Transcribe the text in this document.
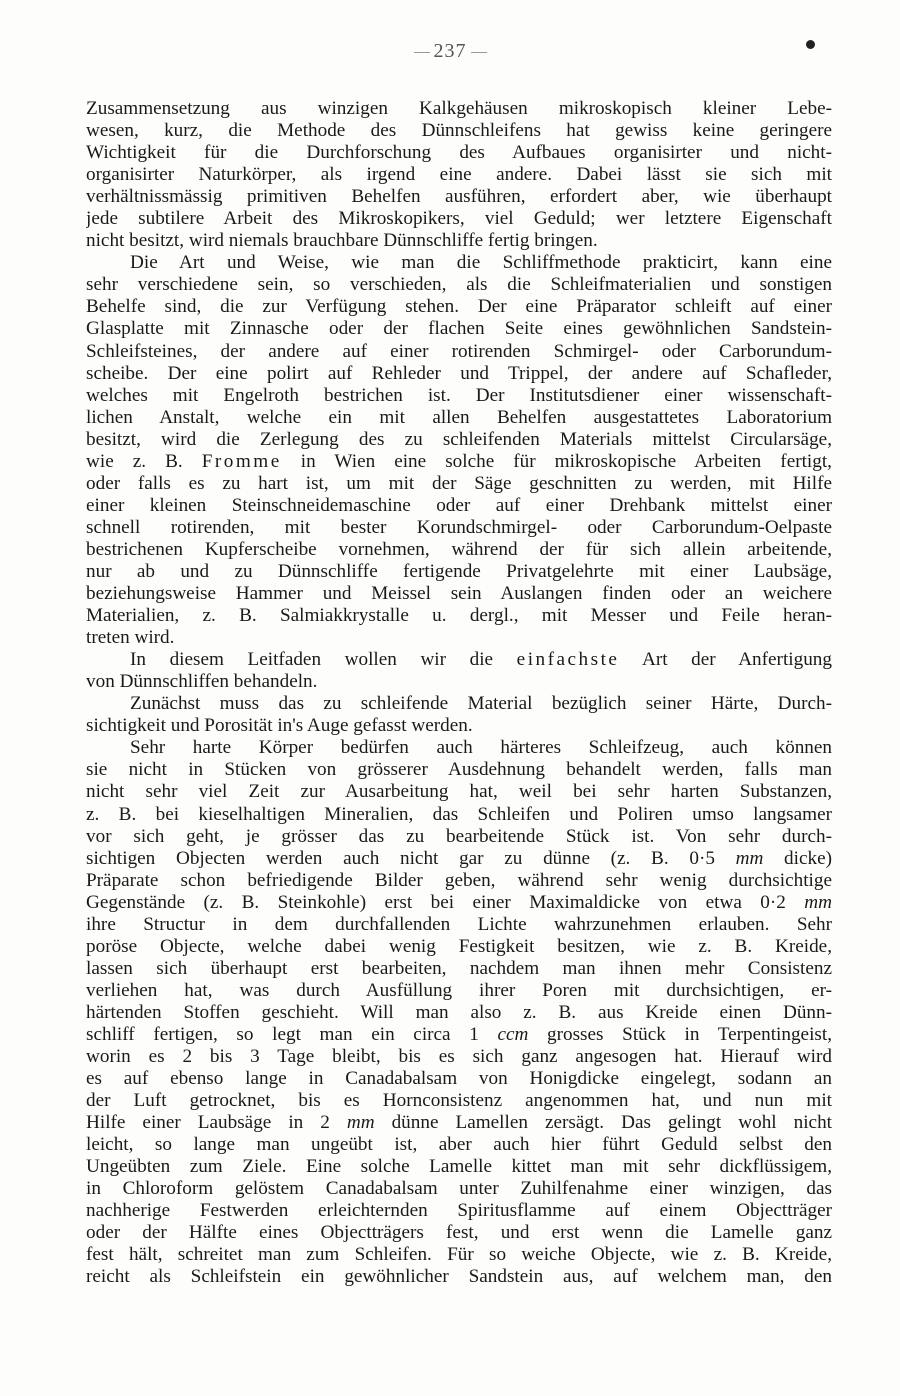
237
Zusammensetzung aus winzigen Kalkgehäusen mikroskopisch kleiner Lebe-
wesen, kurz, die Methode des Dünnschleifens hat gewiss keine geringere
Wichtigkeit für die Durchforschung des Aufbaues organisirter und nicht-
organisirter Naturkörper, als irgend eine andere. Dabei lässt sie sich mit
verhältnissmässig primitiven Behelfen ausführen, erfordert aber, wie überhaupt
jede subtilere Arbeit des Mikroskopikers, viel Geduld; wer letztere Eigenschaft
nicht besitzt, wird niemals brauchbare Dünnschliffe fertig bringen.
Die Art und Weise, wie man die Schliffmethode prakticirt, kann eine
sehr verschiedene sein, so verschieden, als die Schleifmaterialien und sonstigen
Behelfe sind, die zur Verfügung stehen. Der eine Präparator schleift auf einer
Glasplatte mit Zinnasche oder der flachen Seite eines gewöhnlichen Sandstein-
Schleifsteines, der andere auf einer rotirenden Schmirgel- oder Carborundum-
scheibe. Der eine polirt auf Rehleder und Trippel, der andere auf Schafleder,
welches mit Engelroth bestrichen ist. Der Institutsdiener einer wissenschaft-
lichen Anstalt, welche ein mit allen Behelfen ausgestattetes Laboratorium
besitzt, wird die Zerlegung des zu schleifenden Materials mittelst Circularsäge,
wie z. B. Fromme in Wien eine solche für mikroskopische Arbeiten fertigt,
oder falls es zu hart ist, um mit der Säge geschnitten zu werden, mit Hilfe
einer kleinen Steinschneidemaschine oder auf einer Drehbank mittelst einer
schnell rotirenden, mit bester Korundschmirgel- oder Carborundum-Oelpaste
bestrichenen Kupferscheibe vornehmen, während der für sich allein arbeitende,
nur ab und zu Dünnschliffe fertigende Privatgelehrte mit einer Laubsäge,
beziehungsweise Hammer und Meissel sein Auslangen finden oder an weichere
Materialien, z. B. Salmiakkrystalle u. dergl., mit Messer und Feile heran-
treten wird.
In diesem Leitfaden wollen wir die einfachste Art der Anfertigung
von Dünnschliffen behandeln.
Zunächst muss das zu schleifende Material bezüglich seiner Härte, Durch-
sichtigkeit und Porosität in's Auge gefasst werden.
Sehr harte Körper bedürfen auch härteres Schleifzeug, auch können
sie nicht in Stücken von grösserer Ausdehnung behandelt werden, falls man
nicht sehr viel Zeit zur Ausarbeitung hat, weil bei sehr harten Substanzen,
z. B. bei kieselhaltigen Mineralien, das Schleifen und Poliren umso langsamer
vor sich geht, je grösser das zu bearbeitende Stück ist. Von sehr durch-
sichtigen Objecten werden auch nicht gar zu dünne (z. B. 0·5 mm dicke)
Präparate schon befriedigende Bilder geben, während sehr wenig durchsichtige
Gegenstände (z. B. Steinkohle) erst bei einer Maximaldicke von etwa 0·2 mm
ihre Structur in dem durchfallenden Lichte wahrzunehmen erlauben. Sehr
poröse Objecte, welche dabei wenig Festigkeit besitzen, wie z. B. Kreide,
lassen sich überhaupt erst bearbeiten, nachdem man ihnen mehr Consistenz
verliehen hat, was durch Ausfüllung ihrer Poren mit durchsichtigen, er-
härtenden Stoffen geschieht. Will man also z. B. aus Kreide einen Dünn-
schliff fertigen, so legt man ein circa 1 ccm grosses Stück in Terpentingeist,
worin es 2 bis 3 Tage bleibt, bis es sich ganz angesogen hat. Hierauf wird
es auf ebenso lange in Canadabalsam von Honigdicke eingelegt, sodann an
der Luft getrocknet, bis es Hornconsistenz angenommen hat, und nun mit
Hilfe einer Laubsäge in 2 mm dünne Lamellen zersägt. Das gelingt wohl nicht
leicht, so lange man ungeübt ist, aber auch hier führt Geduld selbst den
Ungeübten zum Ziele. Eine solche Lamelle kittet man mit sehr dickflüssigem,
in Chloroform gelöstem Canadabalsam unter Zuhilfenahme einer winzigen, das
nachherige Festwerden erleichternden Spiritusflamme auf einem Objectträger
oder der Hälfte eines Objectträgers fest, und erst wenn die Lamelle ganz
fest hält, schreitet man zum Schleifen. Für so weiche Objecte, wie z. B. Kreide,
reicht als Schleifstein ein gewöhnlicher Sandstein aus, auf welchem man, den
